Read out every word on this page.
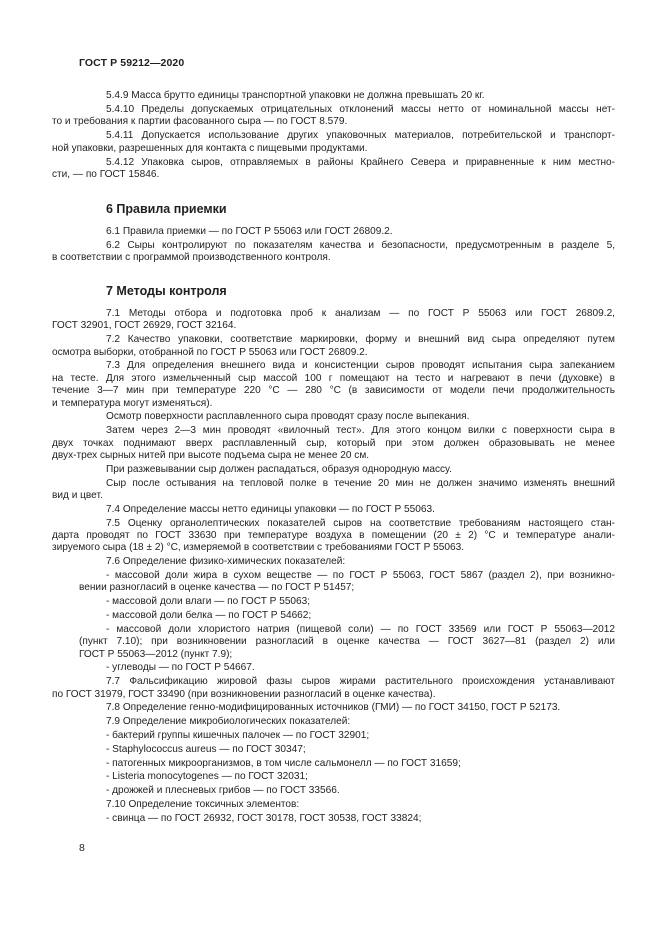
ГОСТ Р 59212—2020
5.4.9 Масса брутто единицы транспортной упаковки не должна превышать 20 кг.
5.4.10 Пределы допускаемых отрицательных отклонений массы нетто от номинальной массы нет-
то и требования к партии фасованного сыра — по ГОСТ 8.579.
5.4.11 Допускается использование других упаковочных материалов, потребительской и транспорт-
ной упаковки, разрешенных для контакта с пищевыми продуктами.
5.4.12 Упаковка сыров, отправляемых в районы Крайнего Севера и приравненные к ним местно-
сти, — по ГОСТ 15846.
6 Правила приемки
6.1 Правила приемки — по ГОСТ Р 55063 или ГОСТ 26809.2.
6.2 Сыры контролируют по показателям качества и безопасности, предусмотренным в разделе 5,
в соответствии с программой производственного контроля.
7 Методы контроля
7.1 Методы отбора и подготовка проб к анализам — по ГОСТ Р 55063 или ГОСТ 26809.2,
ГОСТ 32901, ГОСТ 26929, ГОСТ 32164.
7.2 Качество упаковки, соответствие маркировки, форму и внешний вид сыра определяют путем
осмотра выборки, отобранной по ГОСТ Р 55063 или ГОСТ 26809.2.
7.3 Для определения внешнего вида и консистенции сыров проводят испытания сыра запеканием
на тесте. Для этого измельченный сыр массой 100 г помещают на тесто и нагревают в печи (духовке) в
течение 3—7 мин при температуре 220 °С — 280 °С (в зависимости от модели печи продолжительность
и температура могут изменяться).
Осмотр поверхности расплавленного сыра проводят сразу после выпекания.
Затем через 2—3 мин проводят «вилочный тест». Для этого концом вилки с поверхности сыра в
двух точках поднимают вверх расплавленный сыр, который при этом должен образовывать не менее
двух-трех сырных нитей при высоте подъема сыра не менее 20 см.
При разжевывании сыр должен распадаться, образуя однородную массу.
Сыр после остывания на тепловой полке в течение 20 мин не должен значимо изменять внешний
вид и цвет.
7.4 Определение массы нетто единицы упаковки — по ГОСТ Р 55063.
7.5 Оценку органолептических показателей сыров на соответствие требованиям настоящего стан-
дарта проводят по ГОСТ 33630 при температуре воздуха в помещении (20 ± 2) °С и температуре анали-
зируемого сыра (18 ± 2) °С, измеряемой в соответствии с требованиями ГОСТ Р 55063.
7.6 Определение физико-химических показателей:
- массовой доли жира в сухом веществе — по ГОСТ Р 55063, ГОСТ 5867 (раздел 2), при возникно-
вении разногласий в оценке качества — по ГОСТ Р 51457;
- массовой доли влаги — по ГОСТ Р 55063;
- массовой доли белка — по ГОСТ Р 54662;
- массовой доли хлористого натрия (пищевой соли) — по ГОСТ 33569 или ГОСТ Р 55063—2012
(пункт 7.10); при возникновении разногласий в оценке качества — ГОСТ 3627—81 (раздел 2) или
ГОСТ Р 55063—2012 (пункт 7.9);
- углеводы — по ГОСТ Р 54667.
7.7 Фальсификацию жировой фазы сыров жирами растительного происхождения устанавливают
по ГОСТ 31979, ГОСТ 33490 (при возникновении разногласий в оценке качества).
7.8 Определение генно-модифицированных источников (ГМИ) — по ГОСТ 34150, ГОСТ Р 52173.
7.9 Определение микробиологических показателей:
- бактерий группы кишечных палочек — по ГОСТ 32901;
- Staphylococcus aureus — по ГОСТ 30347;
- патогенных микроорганизмов, в том числе сальмонелл — по ГОСТ 31659;
- Listeria monocytogenes — по ГОСТ 32031;
- дрожжей и плесневых грибов — по ГОСТ 33566.
7.10 Определение токсичных элементов:
- свинца — по ГОСТ 26932, ГОСТ 30178, ГОСТ 30538, ГОСТ 33824;
8
